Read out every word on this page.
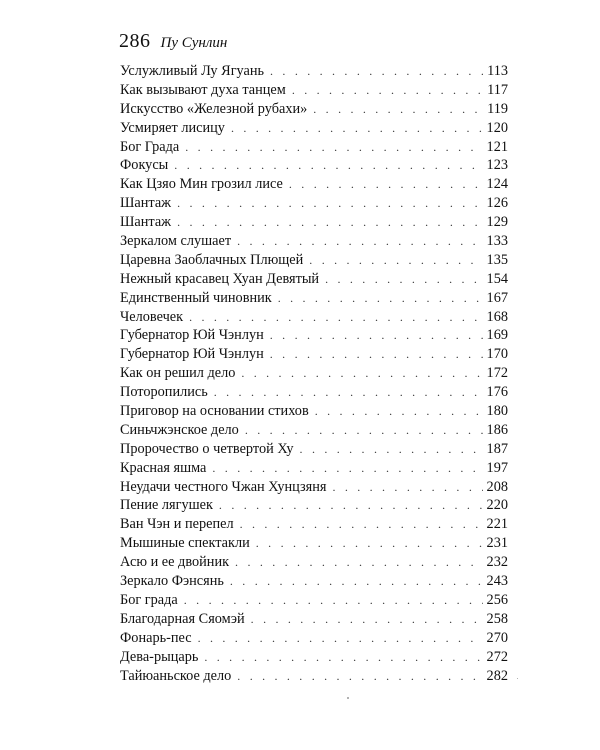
286 Пу Сунлин
Услужливый Лу Ягуань . . .	113
Как вызывают духа танцем . . .	117
Искусство «Железной рубахи» . . .	119
Усмиряет лисицу . . .	120
Бог Града . . .	121
Фокусы . . .	123
Как Цзяо Мин грозил лисе . . .	124
Шантаж . . .	126
Шантаж . . .	129
Зеркалом слушает . . .	133
Царевна Заоблачных Плющей . . .	135
Нежный красавец Хуан Девятый . . .	154
Единственный чиновник . . .	167
Человечек . . .	168
Губернатор Юй Чэнлун . . .	169
Губернатор Юй Чэнлун . . .	170
Как он решил дело . . .	172
Поторопились . . .	176
Приговор на основании стихов . . .	180
Синьчжэнское дело . . .	186
Пророчество о четвертой Ху . . .	187
Красная яшма . . .	197
Неудачи честного Чжан Хунцзяня . . .	208
Пение лягушек . . .	220
Ван Чэн и перепел . . .	221
Мышиные спектакли . . .	231
Асю и ее двойник . . .	232
Зеркало Фэнсянь . . .	243
Бог града . . .	256
Благодарная Сяомэй . . .	258
Фонарь-пес . . .	270
Дева-рыцарь . . .	272
Тайюаньское дело . . .	282
